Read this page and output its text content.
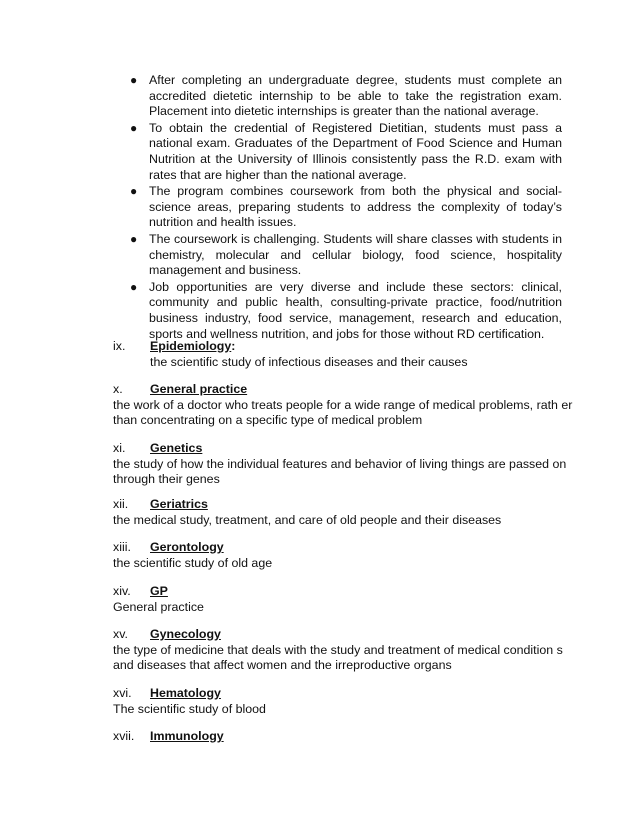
● After completing an undergraduate degree, students must complete an accredited dietetic internship to be able to take the registration exam. Placement into dietetic internships is greater than the national average.
● To obtain the credential of Registered Dietitian, students must pass a national exam. Graduates of the Department of Food Science and Human Nutrition at the University of Illinois consistently pass the R.D. exam with rates that are higher than the national average.
● The program combines coursework from both the physical and social-science areas, preparing students to address the complexity of today’s nutrition and health issues.
● The coursework is challenging. Students will share classes with students in chemistry, molecular and cellular biology, food science, hospitality management and business.
● Job opportunities are very diverse and include these sectors: clinical, community and public health, consulting-private practice, food/nutrition business industry, food service, management, research and education, sports and wellness nutrition, and jobs for those without RD certification.
ix.	Epidemiology:

the scientific study of infectious diseases and their causes

x.	General practice

the work of a doctor who treats people for a wide range of medical problems, rath er than concentrating on a specific type of medical problem

xi.	Genetics

the study of how the individual features and behavior of living things are passed on through their genes

xii.	Geriatrics

the medical study, treatment, and care of old people and their diseases

xiii.	Gerontology

the scientific study of old age

xiv.	GP

General practice

xv.	Gynecology

the type of medicine that deals with the study and treatment of medical condition s and diseases that affect women and the irreproductive organs

xvi.	Hematology

The scientific study of blood

xvii.	Immunology
